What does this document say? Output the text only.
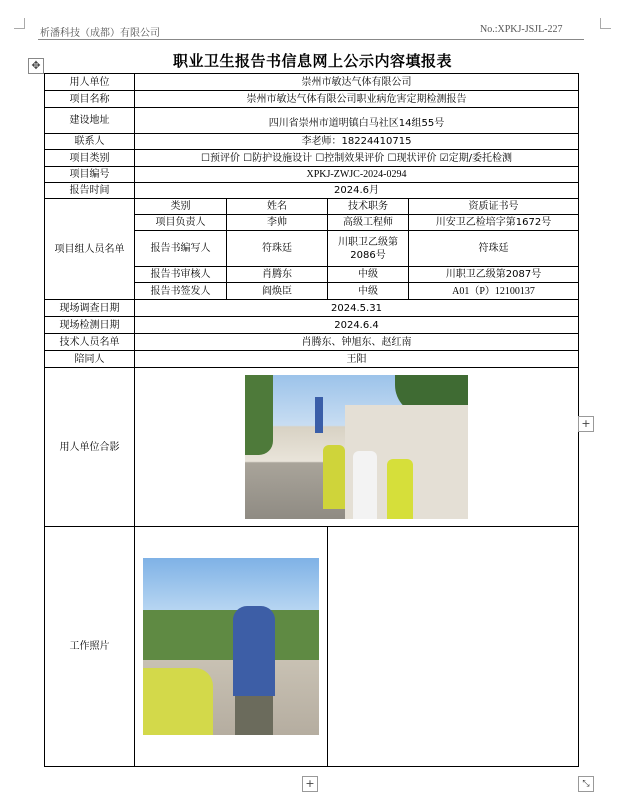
析潘科技（成都）有限公司	No.:XPKJ-JSJL-227
✥	职业卫生报告书信息网上公示内容填报表
用人单位	崇州市敏达气体有限公司			
项目名称	崇州市敏达气体有限公司职业病危害定期检测报告			
建设地址	四川省崇州市道明镇白马社区14组55号			
联系人	李老师：18224410715			
项目类别	☐预评价 ☐防护设施设计 ☐控制效果评价 ☐现状评价 ☑定期/委托检测			
项目编号	XPKJ-ZWJC-2024-0294			
报告时间	2024.6月			
项目组人员名单	类别	姓名	技术职务	资质证书号
	项目负责人	李帅	高级工程师	川安卫乙检培字第1672号
	报告书编写人	符珠廷	川职卫乙级第2086号	符珠廷
	报告书审核人	肖腾东	中级	川职卫乙级第2087号
	报告书签发人	阎焕臣	中级	A01（P）12100137
现场调查日期	2024.5.31			
现场检测日期	2024.6.4			
技术人员名单	肖腾东、钟旭东、赵红南			
陪同人	王阳			
用人单位合影				

工作照片			

+
+	⤡
